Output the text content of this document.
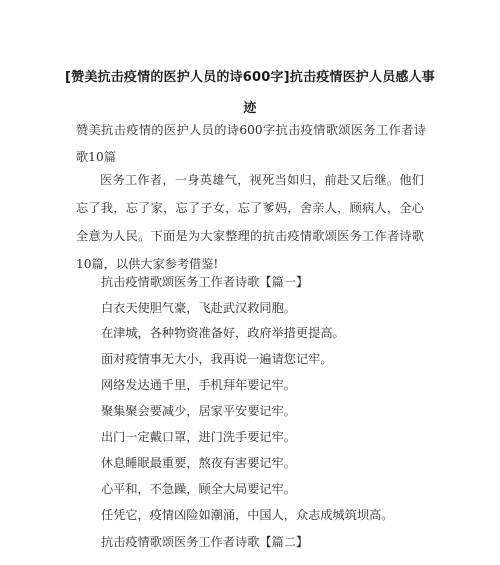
[赞美抗击疫情的医护人员的诗600字]抗击疫情医护人员感人事迹
赞美抗击疫情的医护人员的诗600字抗击疫情歌颂医务工作者诗歌10篇
医务工作者，一身英雄气，视死当如归，前赴又后继。他们忘了我，忘了家，忘了子女，忘了爹妈，舍亲人，顾病人，全心全意为人民。下面是为大家整理的抗击疫情歌颂医务工作者诗歌10篇，以供大家参考借鉴!
抗击疫情歌颂医务工作者诗歌【篇一】
白衣天使胆气豪，飞赴武汉救同胞。
在津城，各种物资准备好，政府举措更提高。
面对疫情事无大小，我再说一遍请您记牢。
网络发达通千里，手机拜年要记牢。
聚集聚会要减少，居家平安要记牢。
出门一定戴口罩，进门洗手要记牢。
休息睡眠最重要，熬夜有害要记牢。
心平和，不急躁，顾全大局要记牢。
任凭它，疫情凶险如潮涌，中国人，众志成城筑坝高。
抗击疫情歌颂医务工作者诗歌【篇二】
